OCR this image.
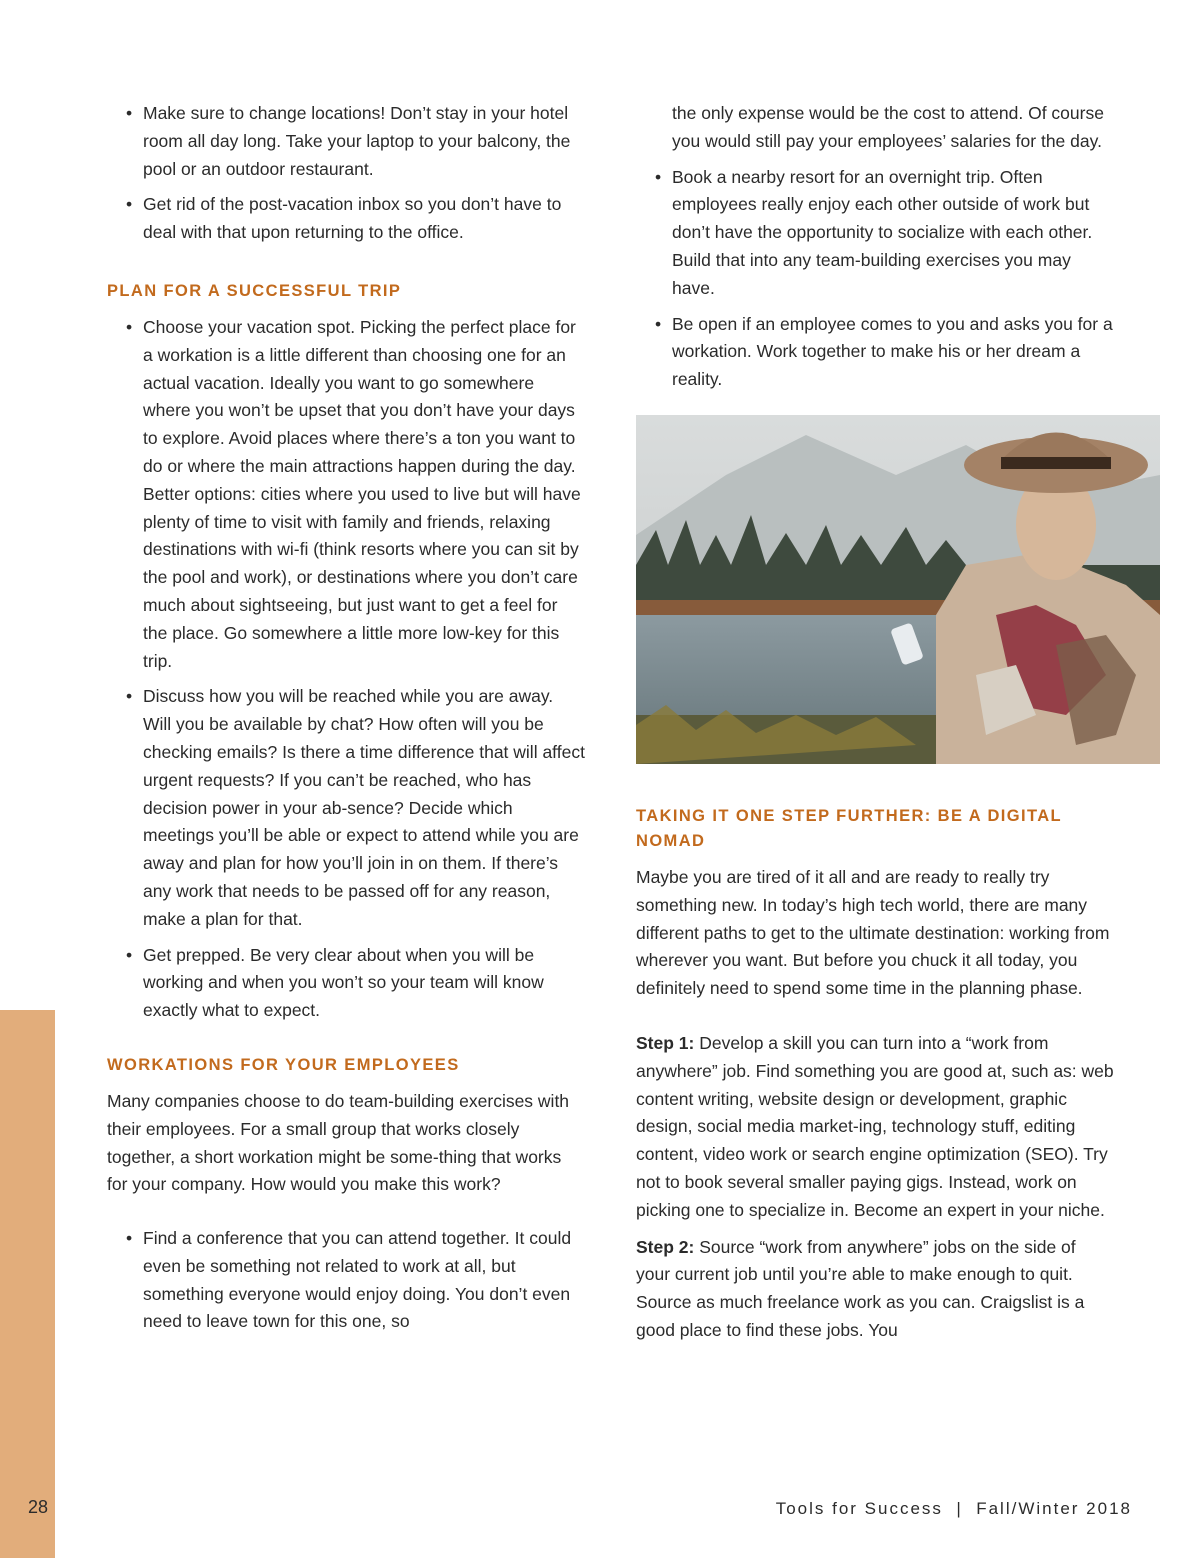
• Make sure to change locations! Don’t stay in your hotel room all day long. Take your laptop to your balcony, the pool or an outdoor restaurant.
• Get rid of the post-vacation inbox so you don’t have to deal with that upon returning to the office.
PLAN FOR A SUCCESSFUL TRIP
• Choose your vacation spot. Picking the perfect place for a workation is a little different than choosing one for an actual vacation. Ideally you want to go somewhere where you won’t be upset that you don’t have your days to explore. Avoid places where there’s a ton you want to do or where the main attractions happen during the day. Better options: cities where you used to live but will have plenty of time to visit with family and friends, relaxing destinations with wi-fi (think resorts where you can sit by the pool and work), or destinations where you don’t care much about sightseeing, but just want to get a feel for the place. Go somewhere a little more low-key for this trip.
• Discuss how you will be reached while you are away. Will you be available by chat? How often will you be checking emails? Is there a time difference that will affect urgent requests? If you can’t be reached, who has decision power in your ab-sence? Decide which meetings you’ll be able or expect to attend while you are away and plan for how you’ll join in on them. If there’s any work that needs to be passed off for any reason, make a plan for that.
• Get prepped. Be very clear about when you will be working and when you won’t so your team will know exactly what to expect.
WORKATIONS FOR YOUR EMPLOYEES

Many companies choose to do team-building exercises with their employees. For a small group that works closely together, a short workation might be some-thing that works for your company. How would you make this work?

• Find a conference that you can attend together. It could even be something not related to work at all, but something everyone would enjoy doing. You don’t even need to leave town for this one, so

the only expense would be the cost to attend. Of course you would still pay your employees’ salaries for the day.

• Book a nearby resort for an overnight trip. Often employees really enjoy each other outside of work but don’t have the opportunity to socialize with each other. Build that into any team-building exercises you may have.
• Be open if an employee comes to you and asks you for a workation. Work together to make his or her dream a reality.
TAKING IT ONE STEP FURTHER: BE A DIGITAL NOMAD

Maybe you are tired of it all and are ready to really try something new. In today’s high tech world, there are many different paths to get to the ultimate destination: working from wherever you want. But before you chuck it all today, you definitely need to spend some time in the planning phase.

Step 1: Develop a skill you can turn into a “work from anywhere” job. Find something you are good at, such as: web content writing, website design or development, graphic design, social media market-ing, technology stuff, editing content, video work or search engine optimization (SEO). Try not to book several smaller paying gigs. Instead, work on picking one to specialize in. Become an expert in your niche.

Step 2: Source “work from anywhere” jobs on the side of your current job until you’re able to make enough to quit. Source as much freelance work as you can. Craigslist is a good place to find these jobs. You

28	Tools for Success  |  Fall/Winter 2018
